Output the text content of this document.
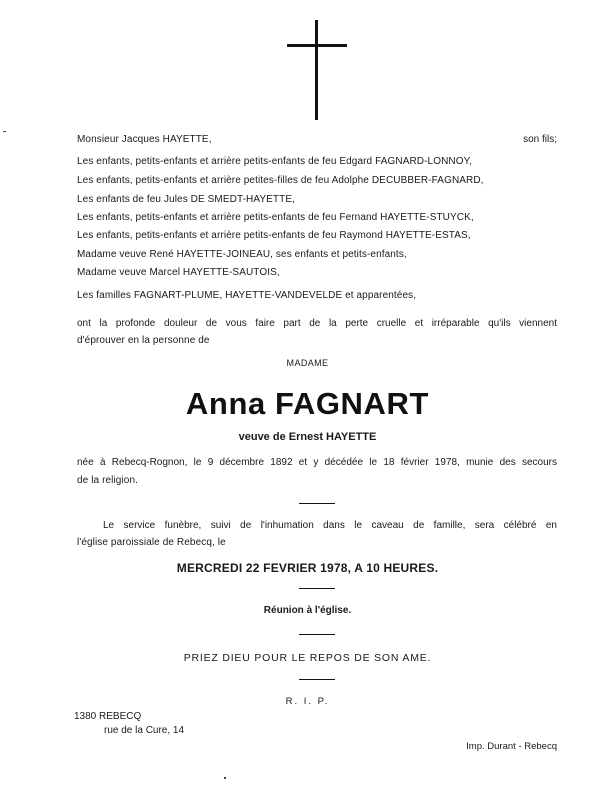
Monsieur Jacques HAYETTE,	son fils;
Les enfants, petits-enfants et arrière petits-enfants de feu Edgard FAGNARD-LONNOY,
Les enfants, petits-enfants et arrière petites-filles de feu Adolphe DECUBBER-FAGNARD,
Les enfants de feu Jules DE SMEDT-HAYETTE,
Les enfants, petits-enfants et arrière petits-enfants de feu Fernand HAYETTE-STUYCK,
Les enfants, petits-enfants et arrière petits-enfants de feu Raymond HAYETTE-ESTAS,
Madame veuve René HAYETTE-JOINEAU, ses enfants et petits-enfants,
Madame veuve Marcel HAYETTE-SAUTOIS,
Les familles FAGNART-PLUME, HAYETTE-VANDEVELDE et apparentées,
ont la profonde douleur de vous faire part de la perte cruelle et irréparable qu'ils viennent
d'éprouver en la personne de
MADAME
Anna FAGNART
veuve de Ernest HAYETTE
née à Rebecq-Rognon, le 9 décembre 1892 et y décédée le 18 février 1978, munie des secours
de la religion.
Le service funèbre, suivi de l'inhumation dans le caveau de famille, sera célébré en
l'église paroissiale de Rebecq, le
MERCREDI 22 FEVRIER 1978, A 10 HEURES.
Réunion à l'église.
PRIEZ DIEU POUR LE REPOS DE SON AME.
R. I. P.
1380 REBECQ
rue de la Cure, 14
Imp. Durant - Rebecq
